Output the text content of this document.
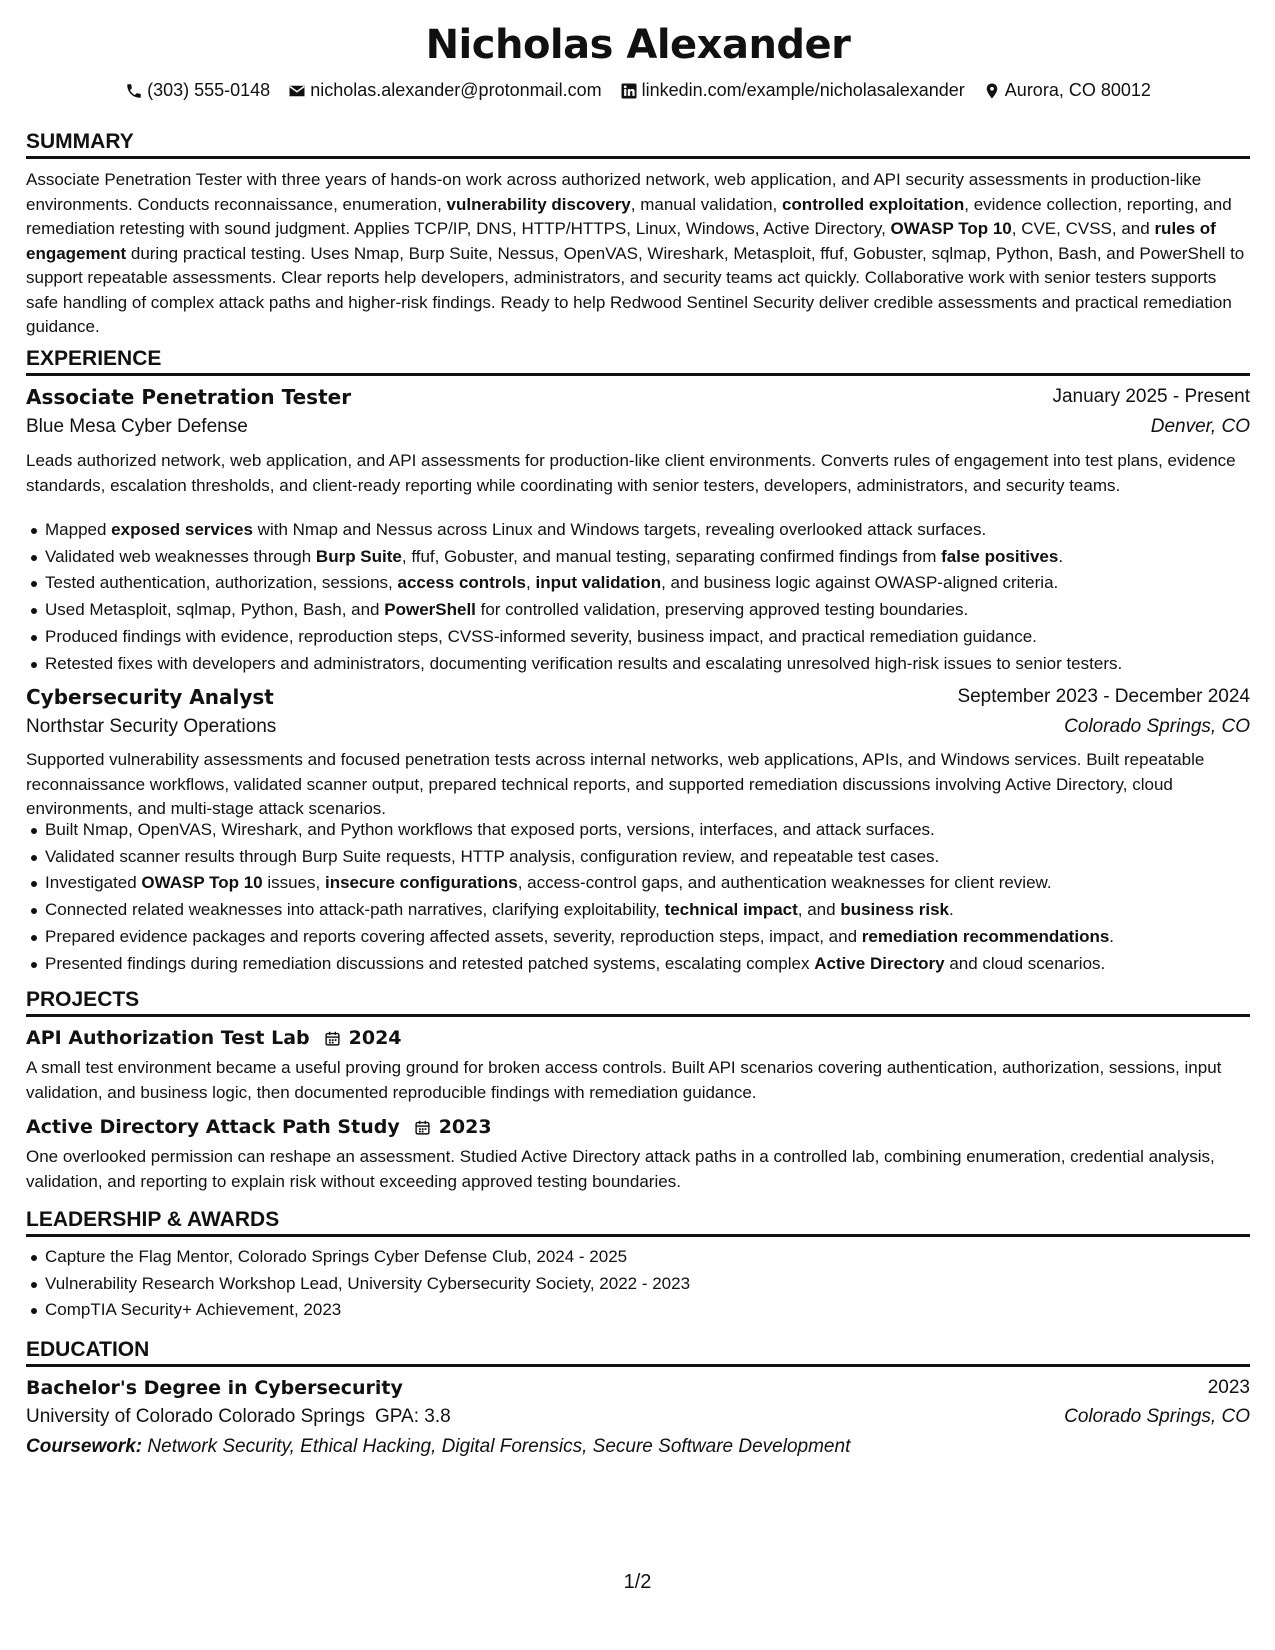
Nicholas Alexander
(303) 555-0148 nicholas.alexander@protonmail.com linkedin.com/example/nicholasalexander Aurora, CO 80012
SUMMARY
Associate Penetration Tester with three years of hands-on work across authorized network, web application, and API security assessments in production-like environments. Conducts reconnaissance, enumeration, vulnerability discovery, manual validation, controlled exploitation, evidence collection, reporting, and remediation retesting with sound judgment. Applies TCP/IP, DNS, HTTP/HTTPS, Linux, Windows, Active Directory, OWASP Top 10, CVE, CVSS, and rules of engagement during practical testing. Uses Nmap, Burp Suite, Nessus, OpenVAS, Wireshark, Metasploit, ffuf, Gobuster, sqlmap, Python, Bash, and PowerShell to support repeatable assessments. Clear reports help developers, administrators, and security teams act quickly. Collaborative work with senior testers supports safe handling of complex attack paths and higher-risk findings. Ready to help Redwood Sentinel Security deliver credible assessments and practical remediation guidance.
EXPERIENCE
Associate Penetration Tester	January 2025 - Present
Blue Mesa Cyber Defense	Denver, CO
Leads authorized network, web application, and API assessments for production-like client environments. Converts rules of engagement into test plans, evidence standards, escalation thresholds, and client-ready reporting while coordinating with senior testers, developers, administrators, and security teams.
Mapped exposed services with Nmap and Nessus across Linux and Windows targets, revealing overlooked attack surfaces.
Validated web weaknesses through Burp Suite, ffuf, Gobuster, and manual testing, separating confirmed findings from false positives.
Tested authentication, authorization, sessions, access controls, input validation, and business logic against OWASP-aligned criteria.
Used Metasploit, sqlmap, Python, Bash, and PowerShell for controlled validation, preserving approved testing boundaries.
Produced findings with evidence, reproduction steps, CVSS-informed severity, business impact, and practical remediation guidance.
Retested fixes with developers and administrators, documenting verification results and escalating unresolved high-risk issues to senior testers.
Cybersecurity Analyst	September 2023 - December 2024
Northstar Security Operations	Colorado Springs, CO
Supported vulnerability assessments and focused penetration tests across internal networks, web applications, APIs, and Windows services. Built repeatable reconnaissance workflows, validated scanner output, prepared technical reports, and supported remediation discussions involving Active Directory, cloud environments, and multi-stage attack scenarios.
Built Nmap, OpenVAS, Wireshark, and Python workflows that exposed ports, versions, interfaces, and attack surfaces.
Validated scanner results through Burp Suite requests, HTTP analysis, configuration review, and repeatable test cases.
Investigated OWASP Top 10 issues, insecure configurations, access-control gaps, and authentication weaknesses for client review.
Connected related weaknesses into attack-path narratives, clarifying exploitability, technical impact, and business risk.
Prepared evidence packages and reports covering affected assets, severity, reproduction steps, impact, and remediation recommendations.
Presented findings during remediation discussions and retested patched systems, escalating complex Active Directory and cloud scenarios.
PROJECTS
API Authorization Test Lab 2024
A small test environment became a useful proving ground for broken access controls. Built API scenarios covering authentication, authorization, sessions, input validation, and business logic, then documented reproducible findings with remediation guidance.
Active Directory Attack Path Study 2023
One overlooked permission can reshape an assessment. Studied Active Directory attack paths in a controlled lab, combining enumeration, credential analysis, validation, and reporting to explain risk without exceeding approved testing boundaries.
LEADERSHIP & AWARDS
Capture the Flag Mentor, Colorado Springs Cyber Defense Club, 2024 - 2025
Vulnerability Research Workshop Lead, University Cybersecurity Society, 2022 - 2023
CompTIA Security+ Achievement, 2023
EDUCATION
Bachelor's Degree in Cybersecurity	2023
University of Colorado Colorado Springs GPA: 3.8	Colorado Springs, CO
Coursework: Network Security, Ethical Hacking, Digital Forensics, Secure Software Development
1/2
